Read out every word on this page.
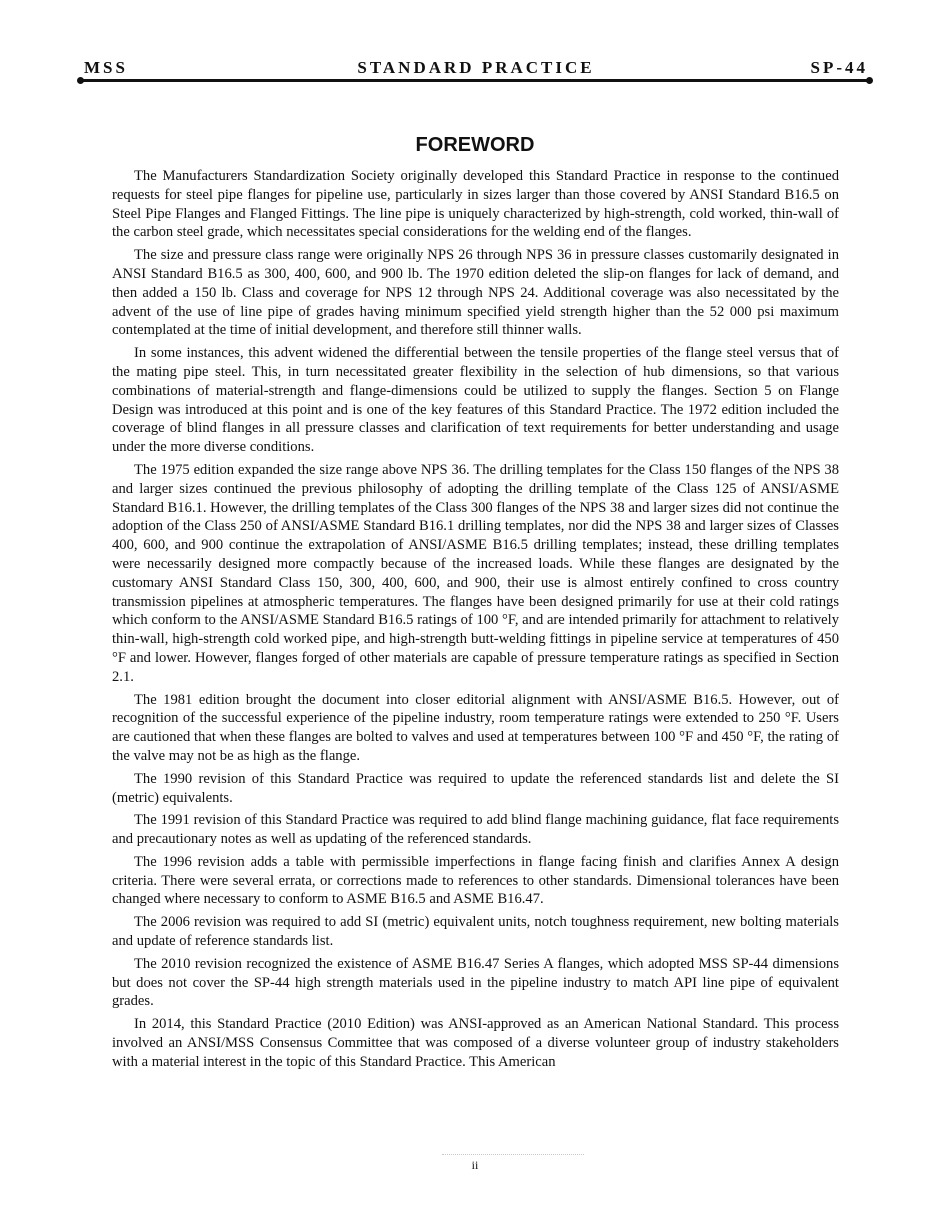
MSS	STANDARD PRACTICE	SP-44
FOREWORD

The Manufacturers Standardization Society originally developed this Standard Practice in response to the continued requests for steel pipe flanges for pipeline use, particularly in sizes larger than those covered by ANSI Standard B16.5 on Steel Pipe Flanges and Flanged Fittings. The line pipe is uniquely characterized by high-strength, cold worked, thin-wall of the carbon steel grade, which necessitates special considerations for the welding end of the flanges.

The size and pressure class range were originally NPS 26 through NPS 36 in pressure classes customarily designated in ANSI Standard B16.5 as 300, 400, 600, and 900 lb. The 1970 edition deleted the slip-on flanges for lack of demand, and then added a 150 lb. Class and coverage for NPS 12 through NPS 24. Additional coverage was also necessitated by the advent of the use of line pipe of grades having minimum specified yield strength higher than the 52 000 psi maximum contemplated at the time of initial development, and therefore still thinner walls.

In some instances, this advent widened the differential between the tensile properties of the flange steel versus that of the mating pipe steel. This, in turn necessitated greater flexibility in the selection of hub dimensions, so that various combinations of material-strength and flange-dimensions could be utilized to supply the flanges. Section 5 on Flange Design was introduced at this point and is one of the key features of this Standard Practice. The 1972 edition included the coverage of blind flanges in all pressure classes and clarification of text requirements for better understanding and usage under the more diverse conditions.

The 1975 edition expanded the size range above NPS 36. The drilling templates for the Class 150 flanges of the NPS 38 and larger sizes continued the previous philosophy of adopting the drilling template of the Class 125 of ANSI/ASME Standard B16.1. However, the drilling templates of the Class 300 flanges of the NPS 38 and larger sizes did not continue the adoption of the Class 250 of ANSI/ASME Standard B16.1 drilling templates, nor did the NPS 38 and larger sizes of Classes 400, 600, and 900 continue the extrapolation of ANSI/ASME B16.5 drilling templates; instead, these drilling templates were necessarily designed more compactly because of the increased loads. While these flanges are designated by the customary ANSI Standard Class 150, 300, 400, 600, and 900, their use is almost entirely confined to cross country transmission pipelines at atmospheric temperatures. The flanges have been designed primarily for use at their cold ratings which conform to the ANSI/ASME Standard B16.5 ratings of 100 °F, and are intended primarily for attachment to relatively thin-wall, high-strength cold worked pipe, and high-strength butt-welding fittings in pipeline service at temperatures of 450 °F and lower. However, flanges forged of other materials are capable of pressure temperature ratings as specified in Section 2.1.

The 1981 edition brought the document into closer editorial alignment with ANSI/ASME B16.5. However, out of recognition of the successful experience of the pipeline industry, room temperature ratings were extended to 250 °F. Users are cautioned that when these flanges are bolted to valves and used at temperatures between 100 °F and 450 °F, the rating of the valve may not be as high as the flange.

The 1990 revision of this Standard Practice was required to update the referenced standards list and delete the SI (metric) equivalents.

The 1991 revision of this Standard Practice was required to add blind flange machining guidance, flat face requirements and precautionary notes as well as updating of the referenced standards.

The 1996 revision adds a table with permissible imperfections in flange facing finish and clarifies Annex A design criteria. There were several errata, or corrections made to references to other standards. Dimensional tolerances have been changed where necessary to conform to ASME B16.5 and ASME B16.47.

The 2006 revision was required to add SI (metric) equivalent units, notch toughness requirement, new bolting materials and update of reference standards list.

The 2010 revision recognized the existence of ASME B16.47 Series A flanges, which adopted MSS SP-44 dimensions but does not cover the SP-44 high strength materials used in the pipeline industry to match API line pipe of equivalent grades.

In 2014, this Standard Practice (2010 Edition) was ANSI-approved as an American National Standard. This process involved an ANSI/MSS Consensus Committee that was composed of a diverse volunteer group of industry stakeholders with a material interest in the topic of this Standard Practice. This American

ii
